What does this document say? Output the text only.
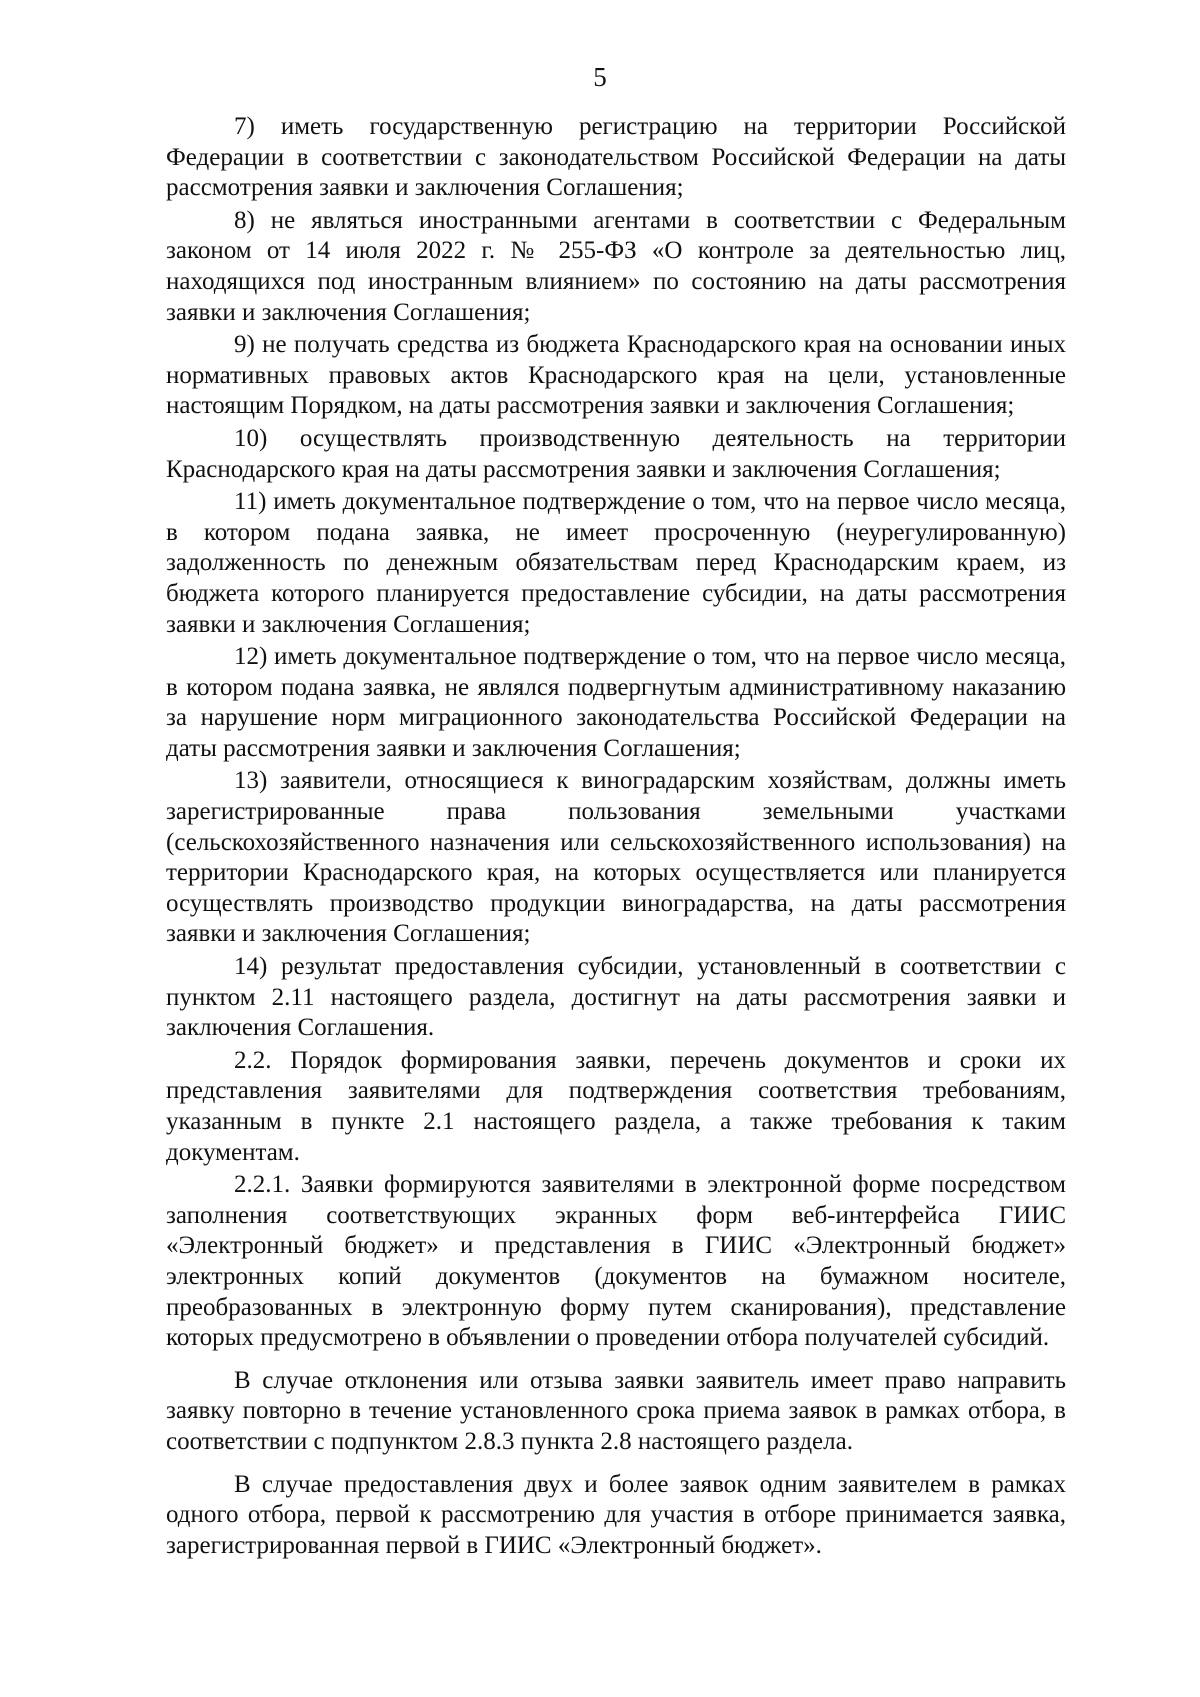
5

7) иметь государственную регистрацию на территории Российской Федерации в соответствии с законодательством Российской Федерации на даты рассмотрения заявки и заключения Соглашения;

8) не являться иностранными агентами в соответствии с Федеральным законом от 14 июля 2022 г. № 255-ФЗ «О контроле за деятельностью лиц, находящихся под иностранным влиянием» по состоянию на даты рассмотрения заявки и заключения Соглашения;

9) не получать средства из бюджета Краснодарского края на основании иных нормативных правовых актов Краснодарского края на цели, установленные настоящим Порядком, на даты рассмотрения заявки и заключения Соглашения;

10) осуществлять производственную деятельность на территории Краснодарского края на даты рассмотрения заявки и заключения Соглашения;

11) иметь документальное подтверждение о том, что на первое число месяца, в котором подана заявка, не имеет просроченную (неурегулированную) задолженность по денежным обязательствам перед Краснодарским краем, из бюджета которого планируется предоставление субсидии, на даты рассмотрения заявки и заключения Соглашения;

12) иметь документальное подтверждение о том, что на первое число месяца, в котором подана заявка, не являлся подвергнутым административному наказанию за нарушение норм миграционного законодательства Российской Федерации на даты рассмотрения заявки и заключения Соглашения;

13) заявители, относящиеся к виноградарским хозяйствам, должны иметь зарегистрированные права пользования земельными участками (сельскохозяйственного назначения или сельскохозяйственного использования) на территории Краснодарского края, на которых осуществляется или планируется осуществлять производство продукции виноградарства, на даты рассмотрения заявки и заключения Соглашения;

14) результат предоставления субсидии, установленный в соответствии с пунктом 2.11 настоящего раздела, достигнут на даты рассмотрения заявки и заключения Соглашения.

2.2. Порядок формирования заявки, перечень документов и сроки их представления заявителями для подтверждения соответствия требованиям, указанным в пункте 2.1 настоящего раздела, а также требования к таким документам.

2.2.1. Заявки формируются заявителями в электронной форме посредством заполнения соответствующих экранных форм веб-интерфейса ГИИС «Электронный бюджет» и представления в ГИИС «Электронный бюджет» электронных копий документов (документов на бумажном носителе, преобразованных в электронную форму путем сканирования), представление которых предусмотрено в объявлении о проведении отбора получателей субсидий.

В случае отклонения или отзыва заявки заявитель имеет право направить заявку повторно в течение установленного срока приема заявок в рамках отбора, в соответствии с подпунктом 2.8.3 пункта 2.8 настоящего раздела.

В случае предоставления двух и более заявок одним заявителем в рамках одного отбора, первой к рассмотрению для участия в отборе принимается заявка, зарегистрированная первой в ГИИС «Электронный бюджет».
